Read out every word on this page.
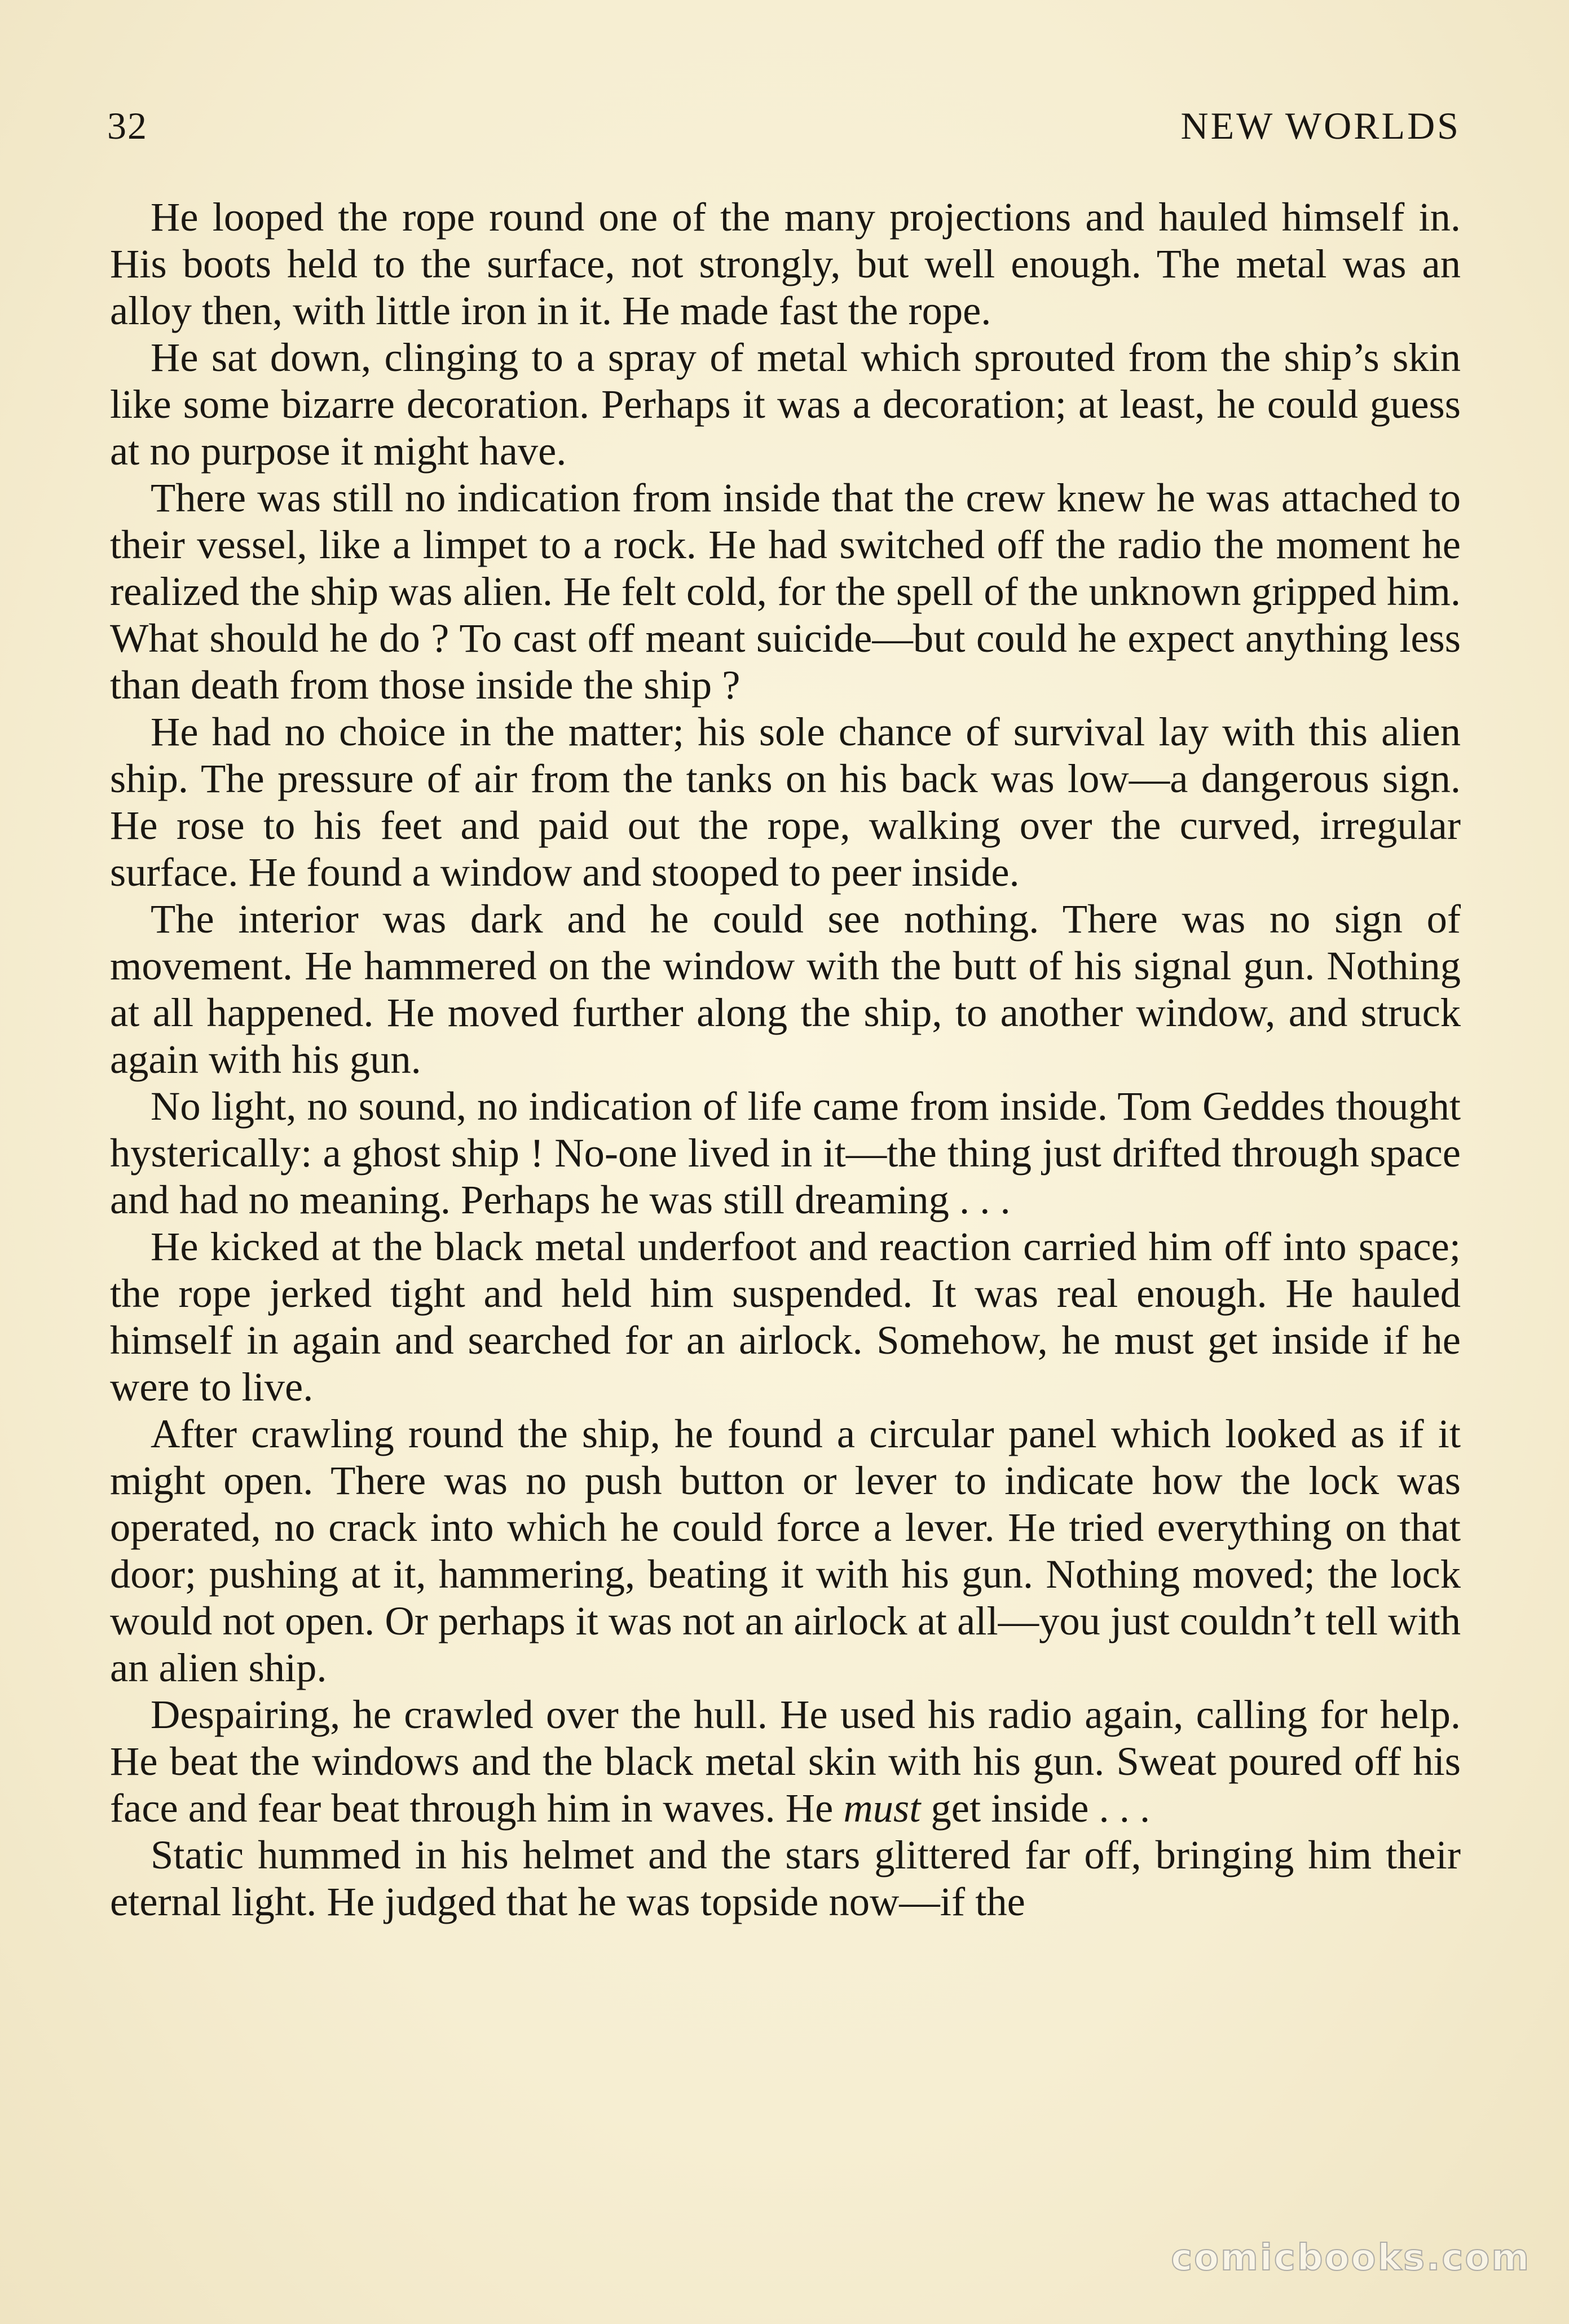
32	NEW WORLDS

He looped the rope round one of the many projections and hauled himself in. His boots held to the surface, not strongly, but well enough. The metal was an alloy then, with little iron in it. He made fast the rope.

He sat down, clinging to a spray of metal which sprouted from the ship’s skin like some bizarre decoration. Perhaps it was a decoration; at least, he could guess at no purpose it might have.

There was still no indication from inside that the crew knew he was attached to their vessel, like a limpet to a rock. He had switched off the radio the moment he realized the ship was alien. He felt cold, for the spell of the unknown gripped him. What should he do ? To cast off meant suicide—but could he expect anything less than death from those inside the ship ?

He had no choice in the matter; his sole chance of survival lay with this alien ship. The pressure of air from the tanks on his back was low—a dangerous sign. He rose to his feet and paid out the rope, walking over the curved, irregular surface. He found a window and stooped to peer inside.

The interior was dark and he could see nothing. There was no sign of movement. He hammered on the window with the butt of his signal gun. Nothing at all happened. He moved further along the ship, to another window, and struck again with his gun.

No light, no sound, no indication of life came from inside. Tom Geddes thought hysterically: a ghost ship ! No-one lived in it—the thing just drifted through space and had no meaning. Perhaps he was still dreaming . . .

He kicked at the black metal underfoot and reaction carried him off into space; the rope jerked tight and held him suspended. It was real enough. He hauled himself in again and searched for an airlock. Somehow, he must get inside if he were to live.

After crawling round the ship, he found a circular panel which looked as if it might open. There was no push button or lever to indicate how the lock was operated, no crack into which he could force a lever. He tried everything on that door; pushing at it, hammering, beating it with his gun. Nothing moved; the lock would not open. Or perhaps it was not an airlock at all—you just couldn’t tell with an alien ship.

Despairing, he crawled over the hull. He used his radio again, calling for help. He beat the windows and the black metal skin with his gun. Sweat poured off his face and fear beat through him in waves. He must get inside . . .

Static hummed in his helmet and the stars glittered far off, bringing him their eternal light. He judged that he was topside now—if the

comicbooks.com
